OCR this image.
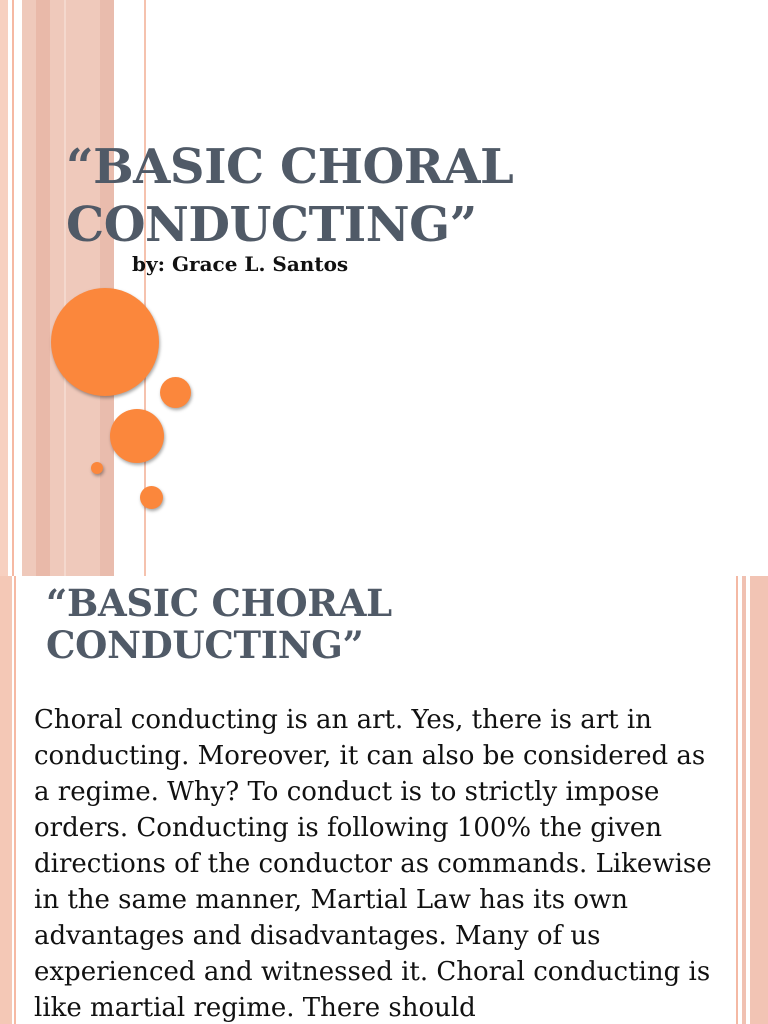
“BASIC CHORAL CONDUCTING”

by: Grace L. Santos

“BASIC CHORAL CONDUCTING”

Choral conducting is an art. Yes, there is art in conducting. Moreover, it can also be considered as a regime. Why? To conduct is to strictly impose orders. Conducting is following 100% the given directions of the conductor as commands. Likewise in the same manner, Martial Law has its own advantages and disadvantages. Many of us experienced and witnessed it. Choral conducting is like martial regime. There should
